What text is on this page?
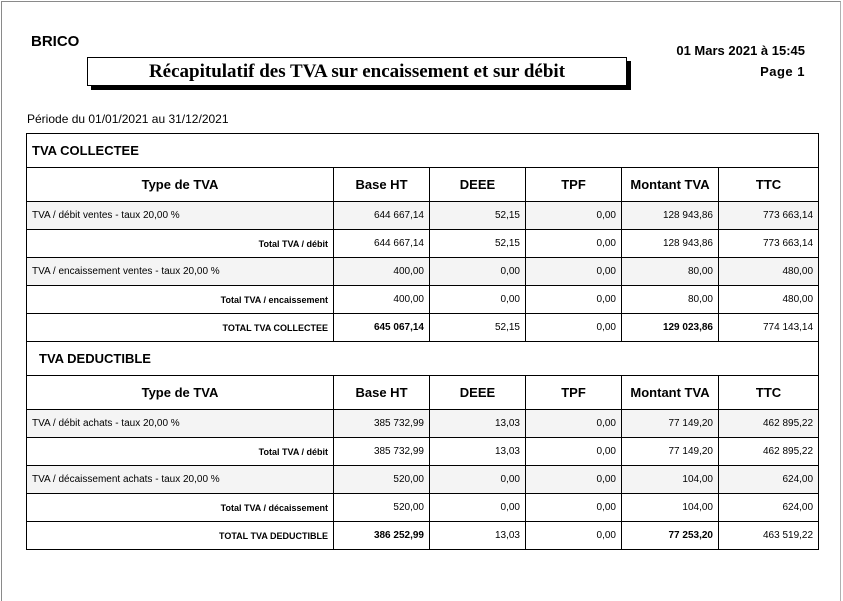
BRICO
01 Mars 2021 à 15:45
Page 1
Récapitulatif des TVA sur encaissement et sur débit
Période du 01/01/2021 au 31/12/2021
TVA COLLECTEE					
Type de TVA	Base HT	DEEE	TPF	Montant TVA	TTC
TVA / débit ventes - taux 20,00 %	644 667,14	52,15	0,00	128 943,86	773 663,14
Total TVA / débit	644 667,14	52,15	0,00	128 943,86	773 663,14
TVA / encaissement ventes - taux 20,00 %	400,00	0,00	0,00	80,00	480,00
Total TVA / encaissement	400,00	0,00	0,00	80,00	480,00
TOTAL TVA COLLECTEE	645 067,14	52,15	0,00	129 023,86	774 143,14
TVA DEDUCTIBLE					
Type de TVA	Base HT	DEEE	TPF	Montant TVA	TTC
TVA / débit achats - taux 20,00 %	385 732,99	13,03	0,00	77 149,20	462 895,22
Total TVA / débit	385 732,99	13,03	0,00	77 149,20	462 895,22
TVA / décaissement achats - taux 20,00 %	520,00	0,00	0,00	104,00	624,00
Total TVA / décaissement	520,00	0,00	0,00	104,00	624,00
TOTAL TVA DEDUCTIBLE	386 252,99	13,03	0,00	77 253,20	463 519,22
